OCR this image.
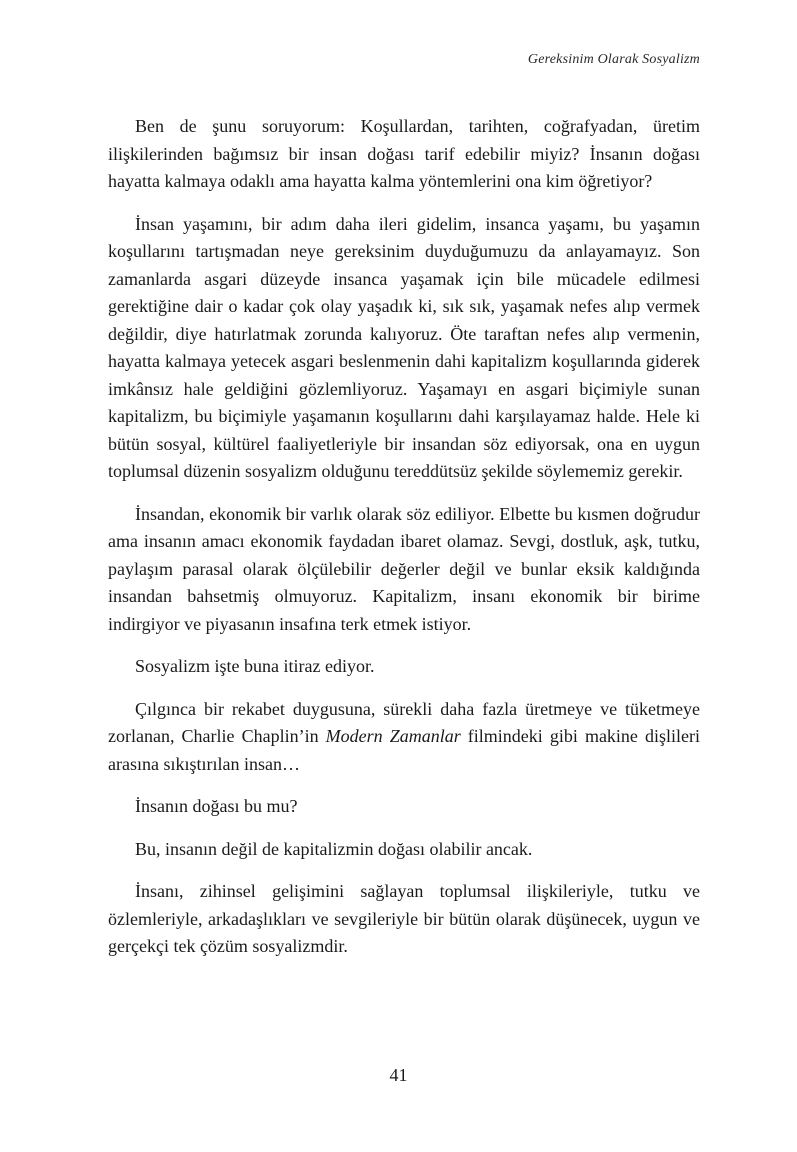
Gereksinim Olarak Sosyalizm

Ben de şunu soruyorum: Koşullardan, tarihten, coğrafyadan, üretim ilişkilerinden bağımsız bir insan doğası tarif edebilir miyiz? İnsanın doğası hayatta kalmaya odaklı ama hayatta kalma yöntemlerini ona kim öğretiyor?

İnsan yaşamını, bir adım daha ileri gidelim, insanca yaşamı, bu yaşamın koşullarını tartışmadan neye gereksinim duyduğumuzu da anlayamayız. Son zamanlarda asgari düzeyde insanca yaşamak için bile mücadele edilmesi gerektiğine dair o kadar çok olay yaşadık ki, sık sık, yaşamak nefes alıp vermek değildir, diye hatırlatmak zorunda kalıyoruz. Öte taraftan nefes alıp vermenin, hayatta kalmaya yetecek asgari beslenmenin dahi kapitalizm koşullarında giderek imkânsız hale geldiğini gözlemliyoruz. Yaşamayı en asgari biçimiyle sunan kapitalizm, bu biçimiyle yaşamanın koşullarını dahi karşılayamaz halde. Hele ki bütün sosyal, kültürel faaliyetleriyle bir insandan söz ediyorsak, ona en uygun toplumsal düzenin sosyalizm olduğunu tereddütsüz şekilde söylememiz gerekir.

İnsandan, ekonomik bir varlık olarak söz ediliyor. Elbette bu kısmen doğrudur ama insanın amacı ekonomik faydadan ibaret olamaz. Sevgi, dostluk, aşk, tutku, paylaşım parasal olarak ölçülebilir değerler değil ve bunlar eksik kaldığında insandan bahsetmiş olmuyoruz. Kapitalizm, insanı ekonomik bir birime indirgiyor ve piyasanın insafına terk etmek istiyor.

Sosyalizm işte buna itiraz ediyor.

Çılgınca bir rekabet duygusuna, sürekli daha fazla üretmeye ve tüketmeye zorlanan, Charlie Chaplin’in Modern Zamanlar filmindeki gibi makine dişlileri arasına sıkıştırılan insan…

İnsanın doğası bu mu?

Bu, insanın değil de kapitalizmin doğası olabilir ancak.

İnsanı, zihinsel gelişimini sağlayan toplumsal ilişkileriyle, tutku ve özlemleriyle, arkadaşlıkları ve sevgileriyle bir bütün olarak düşünecek, uygun ve gerçekçi tek çözüm sosyalizmdir.

41
